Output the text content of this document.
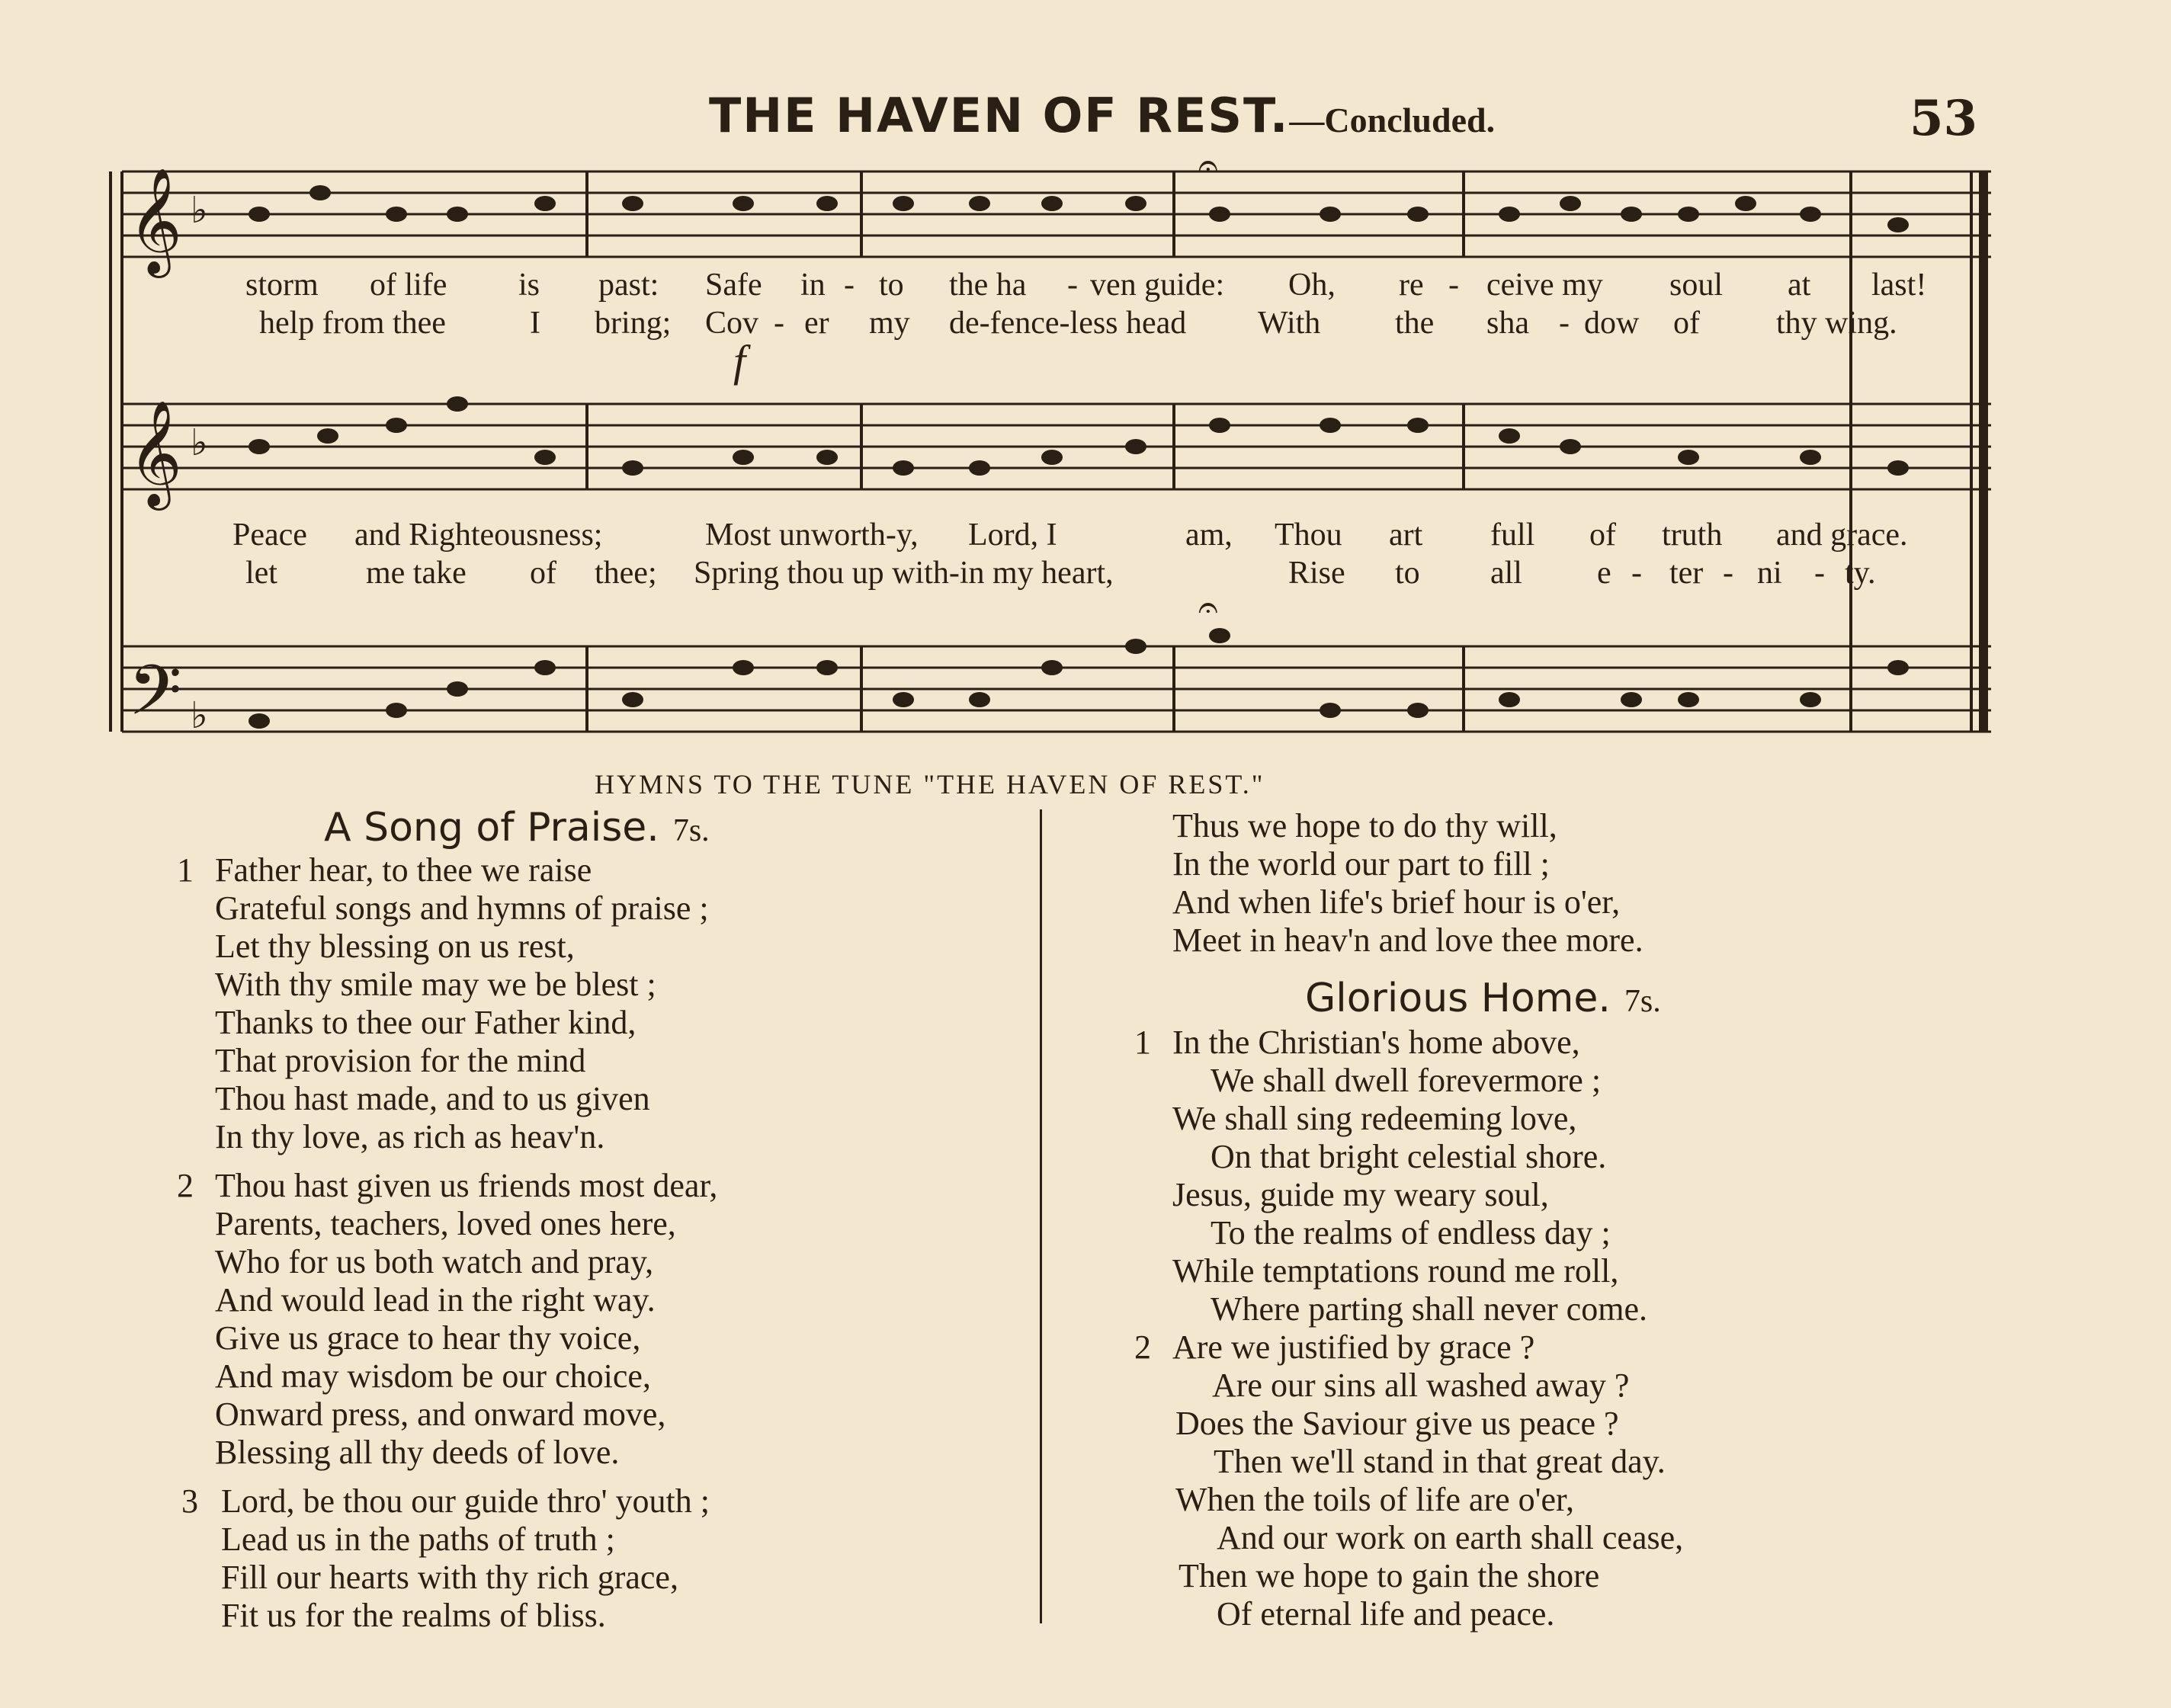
THE HAVEN OF REST.—Concluded.	53
𝄞
𝄞
𝄢
♭
♭
♭
𝄐
𝄐
f
storm of life is past: Safe in - to the ha - ven guide: Oh, re - ceive my soul at last!
help from thee	I bring; Cov - er my de-fence-less head With the sha - dow of thy wing.
Peace and Righteousness;	Most unworth-y, Lord, I	am, Thou art full of truth and grace.
let	me take of thee; Spring thou up with-in my heart,	Rise to all e - ter - ni - ty.
HYMNS TO THE TUNE "THE HAVEN OF REST."
A Song of Praise. 7s.
1 Father hear, to thee we raise
Grateful songs and hymns of praise ;
Let thy blessing on us rest,
With thy smile may we be blest ;
Thanks to thee our Father kind,
That provision for the mind
Thou hast made, and to us given
In thy love, as rich as heav'n.
2 Thou hast given us friends most dear,
Parents, teachers, loved ones here,
Who for us both watch and pray,
And would lead in the right way.
Give us grace to hear thy voice,
And may wisdom be our choice,
Onward press, and onward move,
Blessing all thy deeds of love.
3 Lord, be thou our guide thro' youth ;
Lead us in the paths of truth ;
Fill our hearts with thy rich grace,
Fit us for the realms of bliss.
Thus we hope to do thy will,
In the world our part to fill ;
And when life's brief hour is o'er,
Meet in heav'n and love thee more.
Glorious Home. 7s.
1 In the Christian's home above,
We shall dwell forevermore ;
We shall sing redeeming love,
On that bright celestial shore.
Jesus, guide my weary soul,
To the realms of endless day ;
While temptations round me roll,
Where parting shall never come.
2 Are we justified by grace ?
Are our sins all washed away ?
Does the Saviour give us peace ?
Then we'll stand in that great day.
When the toils of life are o'er,
And our work on earth shall cease,
Then we hope to gain the shore
Of eternal life and peace.
